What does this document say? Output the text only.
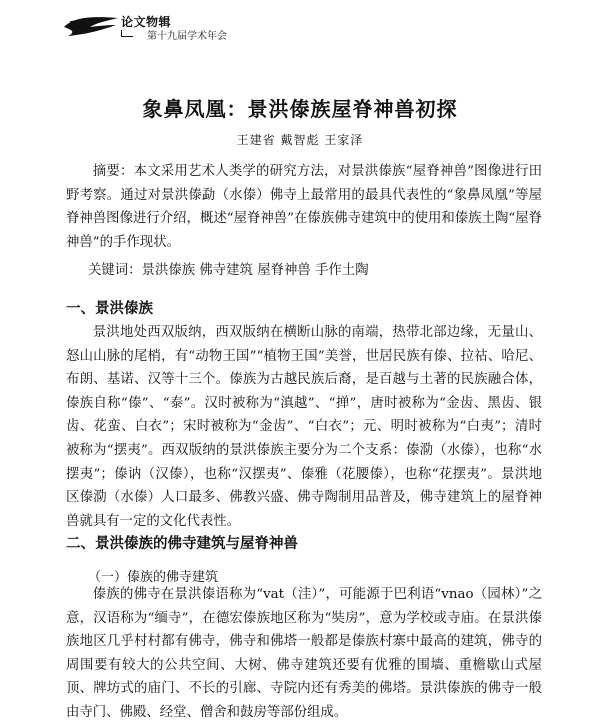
论文物辑
第十九届学术年会
象鼻凤凰：景洪傣族屋脊神兽初探
王建省 戴智彪 王家泽
摘要：本文采用艺术人类学的研究方法，对景洪傣族“屋脊神兽”图像进行田野考察。通过对景洪傣勐（水傣）佛寺上最常用的最具代表性的“象鼻凤凰”等屋脊神兽图像进行介绍，概述“屋脊神兽”在傣族佛寺建筑中的使用和傣族土陶“屋脊神兽”的手作现状。
关键词：景洪傣族 佛寺建筑 屋脊神兽 手作土陶
一、景洪傣族
景洪地处西双版纳，西双版纳在横断山脉的南端，热带北部边缘，无量山、怒山山脉的尾梢，有“动物王国”“植物王国”美誉，世居民族有傣、拉祜、哈尼、布朗、基诺、汉等十三个。傣族为古越民族后裔，是百越与土著的民族融合体，傣族自称“傣”、“泰”。汉时被称为“滇越”、“掸”，唐时被称为“金齿、黑齿、银齿、花蛮、白衣”；宋时被称为“金齿”、“白衣”；元、明时被称为“白夷”；清时被称为“摆夷”。西双版纳的景洪傣族主要分为二个支系：傣泐（水傣），也称“水摆夷”；傣讷（汉傣），也称“汉摆夷”、傣雅（花腰傣），也称“花摆夷”。景洪地区傣泐（水傣）人口最多、佛教兴盛、佛寺陶制用品普及，佛寺建筑上的屋脊神兽就具有一定的文化代表性。
二、景洪傣族的佛寺建筑与屋脊神兽
（一）傣族的佛寺建筑
傣族的佛寺在景洪傣语称为“vat（洼）”，可能源于巴利语“vnao（园林）”之意，汉语称为“缅寺”，在德宏傣族地区称为“奘房”，意为学校或寺庙。在景洪傣族地区几乎村村都有佛寺，佛寺和佛塔一般都是傣族村寨中最高的建筑，佛寺的周围要有较大的公共空间、大树、佛寺建筑还要有优雅的围墙、重檐歇山式屋顶、牌坊式的庙门、不长的引廊、寺院内还有秀美的佛塔。景洪傣族的佛寺一般由寺门、佛殿、经堂、僧舍和鼓房等部份组成。
